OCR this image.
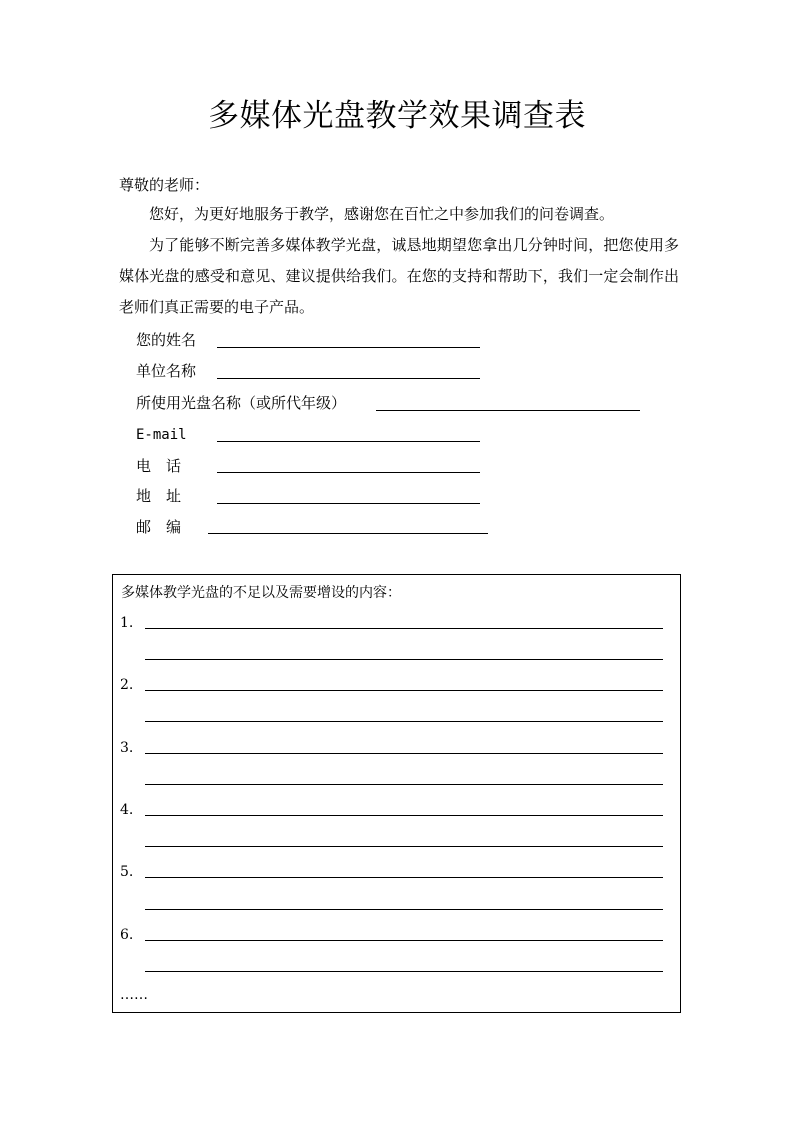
多媒体光盘教学效果调查表
尊敬的老师：
您好，为更好地服务于教学，感谢您在百忙之中参加我们的问卷调查。
为了能够不断完善多媒体教学光盘，诚恳地期望您拿出几分钟时间，把您使用多媒体光盘的感受和意见、建议提供给我们。在您的支持和帮助下，我们一定会制作出老师们真正需要的电子产品。
您的姓名
单位名称
所使用光盘名称（或所代年级）
E-mail
电　话
地　址
邮　编
多媒体教学光盘的不足以及需要增设的内容：
1.
2.
3.
4.
5.
6.
……
